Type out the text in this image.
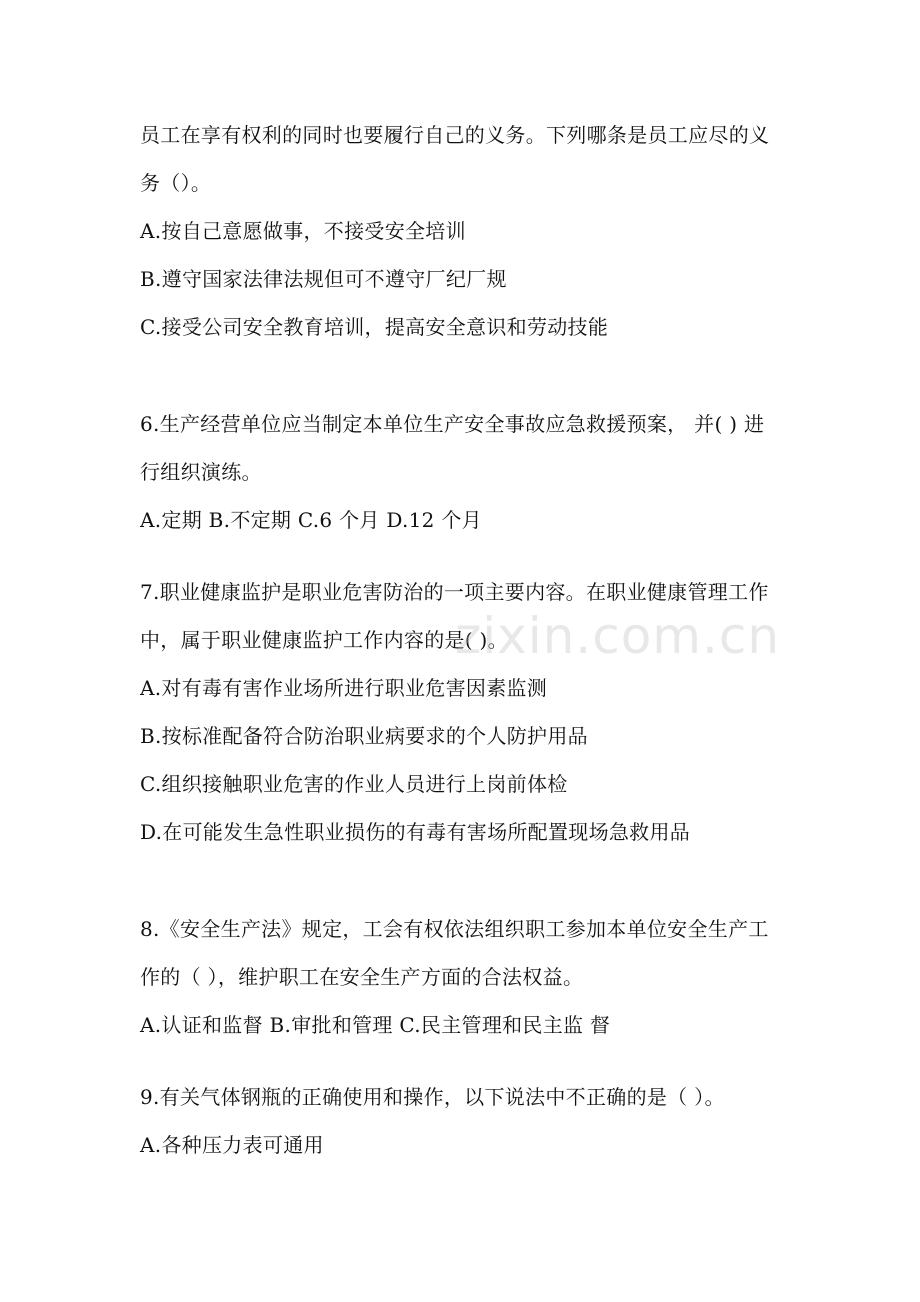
员工在享有权利的同时也要履行自己的义务。下列哪条是员工应尽的义
务（）。
A.按自己意愿做事，不接受安全培训
B.遵守国家法律法规但可不遵守厂纪厂规
C.接受公司安全教育培训，提高安全意识和劳动技能
6.生产经营单位应当制定本单位生产安全事故应急救援预案， 并( ) 进
行组织演练。
A.定期 B.不定期 C.6 个月 D.12 个月
7.职业健康监护是职业危害防治的一项主要内容。在职业健康管理工作
中，属于职业健康监护工作内容的是( )。
A.对有毒有害作业场所进行职业危害因素监测
B.按标准配备符合防治职业病要求的个人防护用品
C.组织接触职业危害的作业人员进行上岗前体检
D.在可能发生急性职业损伤的有毒有害场所配置现场急救用品
8.《安全生产法》规定，工会有权依法组织职工参加本单位安全生产工
作的（ ），维护职工在安全生产方面的合法权益。
A.认证和监督 B.审批和管理 C.民主管理和民主监 督
9.有关气体钢瓶的正确使用和操作，以下说法中不正确的是（ ）。
A.各种压力表可通用
zixin.com.cn
